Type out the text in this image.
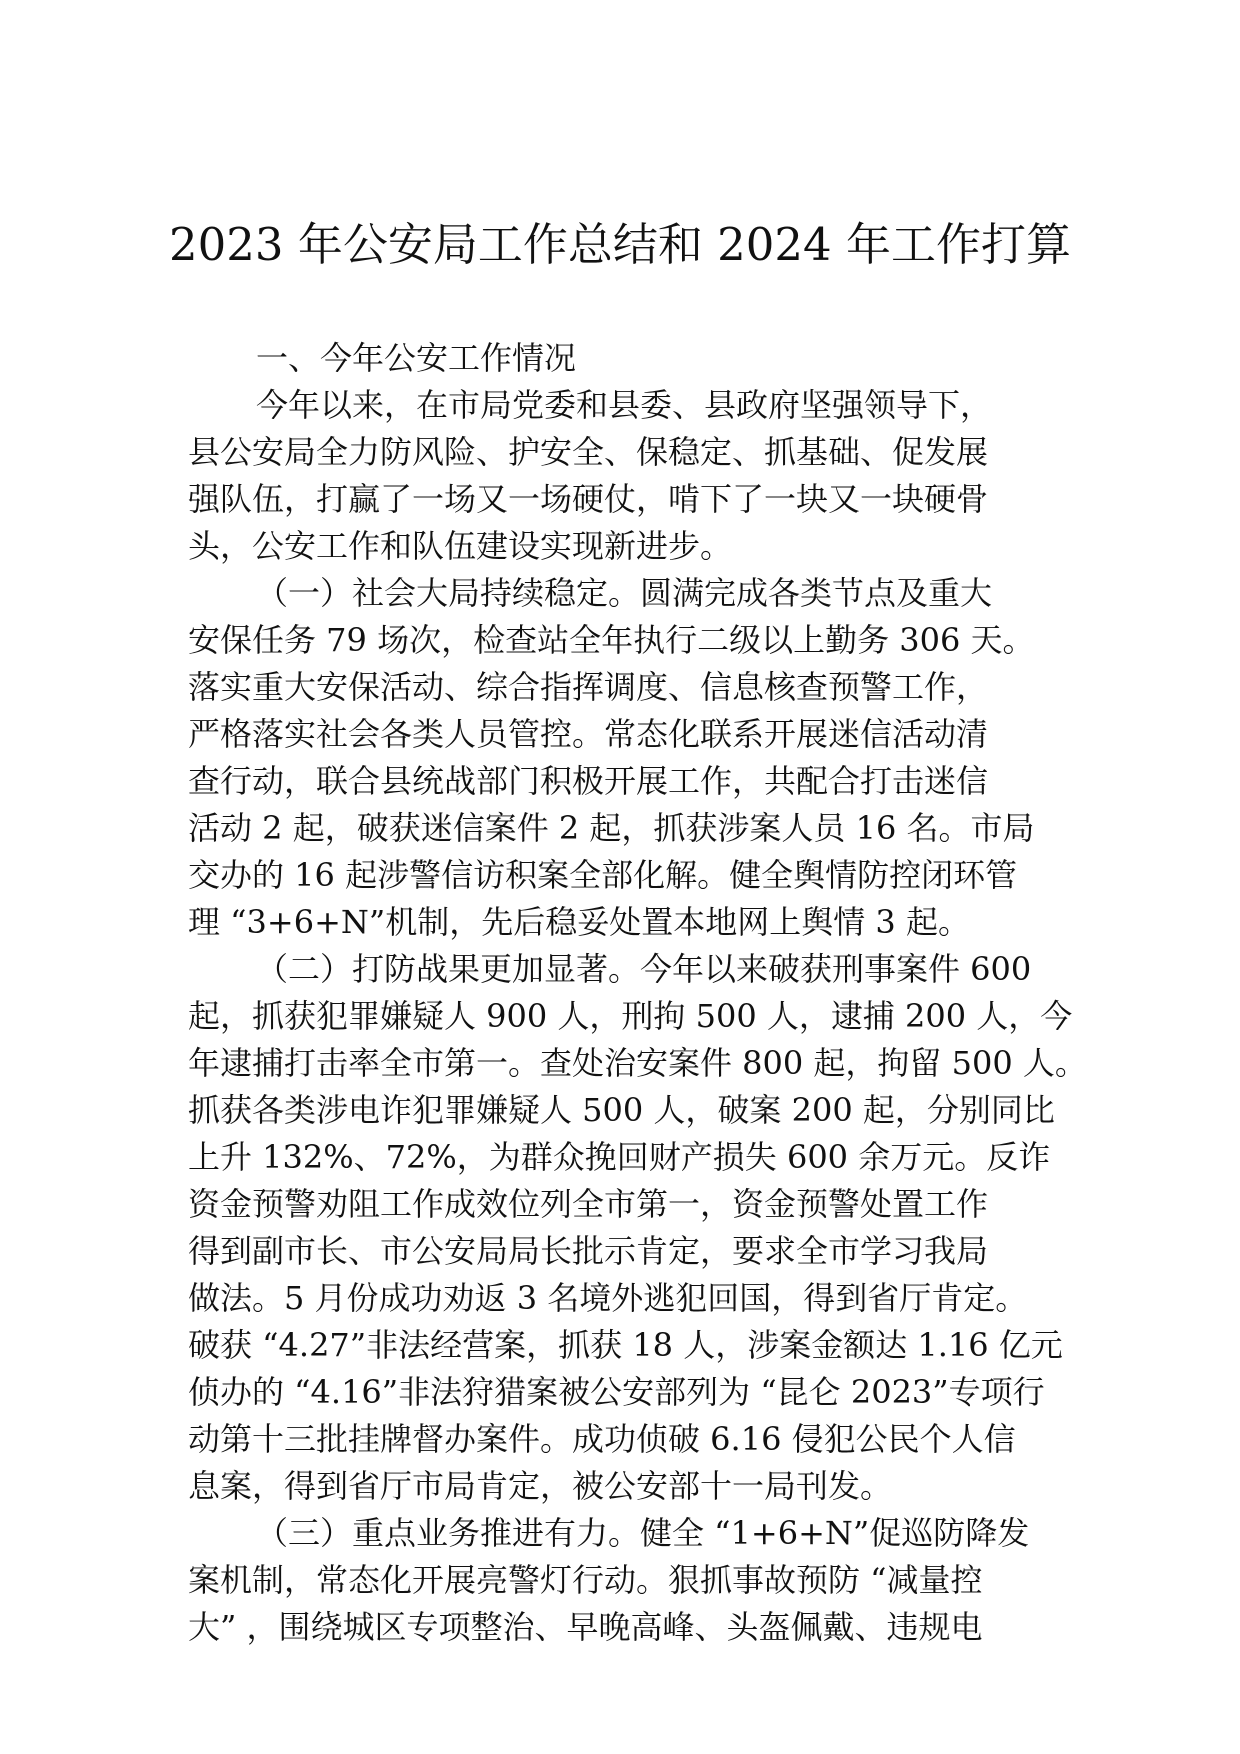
2023 年公安局工作总结和 2024 年工作打算
一、今年公安工作情况
今年以来，在市局党委和县委、县政府坚强领导下，
县公安局全力防风险、护安全、保稳定、抓基础、促发展
强队伍，打赢了一场又一场硬仗，啃下了一块又一块硬骨
头，公安工作和队伍建设实现新进步。
（一）社会大局持续稳定。圆满完成各类节点及重大
安保任务 79 场次，检查站全年执行二级以上勤务 306 天。
落实重大安保活动、综合指挥调度、信息核查预警工作，
严格落实社会各类人员管控。常态化联系开展迷信活动清
查行动，联合县统战部门积极开展工作，共配合打击迷信
活动 2 起，破获迷信案件 2 起，抓获涉案人员 16 名。市局
交办的 16 起涉警信访积案全部化解。健全舆情防控闭环管
理 “3+6+N”机制，先后稳妥处置本地网上舆情 3 起。
（二）打防战果更加显著。今年以来破获刑事案件 600
起，抓获犯罪嫌疑人 900 人，刑拘 500 人，逮捕 200 人，今
年逮捕打击率全市第一。查处治安案件 800 起，拘留 500 人。
抓获各类涉电诈犯罪嫌疑人 500 人，破案 200 起，分别同比
上升 132%、72%，为群众挽回财产损失 600 余万元。反诈
资金预警劝阻工作成效位列全市第一，资金预警处置工作
得到副市长、市公安局局长批示肯定，要求全市学习我局
做法。5 月份成功劝返 3 名境外逃犯回国，得到省厅肯定。
破获 “4.27”非法经营案，抓获 18 人，涉案金额达 1.16 亿元
侦办的 “4.16”非法狩猎案被公安部列为 “昆仑 2023”专项行
动第十三批挂牌督办案件。成功侦破 6.16 侵犯公民个人信
息案，得到省厅市局肯定，被公安部十一局刊发。
（三）重点业务推进有力。健全 “1+6+N”促巡防降发
案机制，常态化开展亮警灯行动。狠抓事故预防 “减量控
大” ，围绕城区专项整治、早晚高峰、头盔佩戴、违规电
